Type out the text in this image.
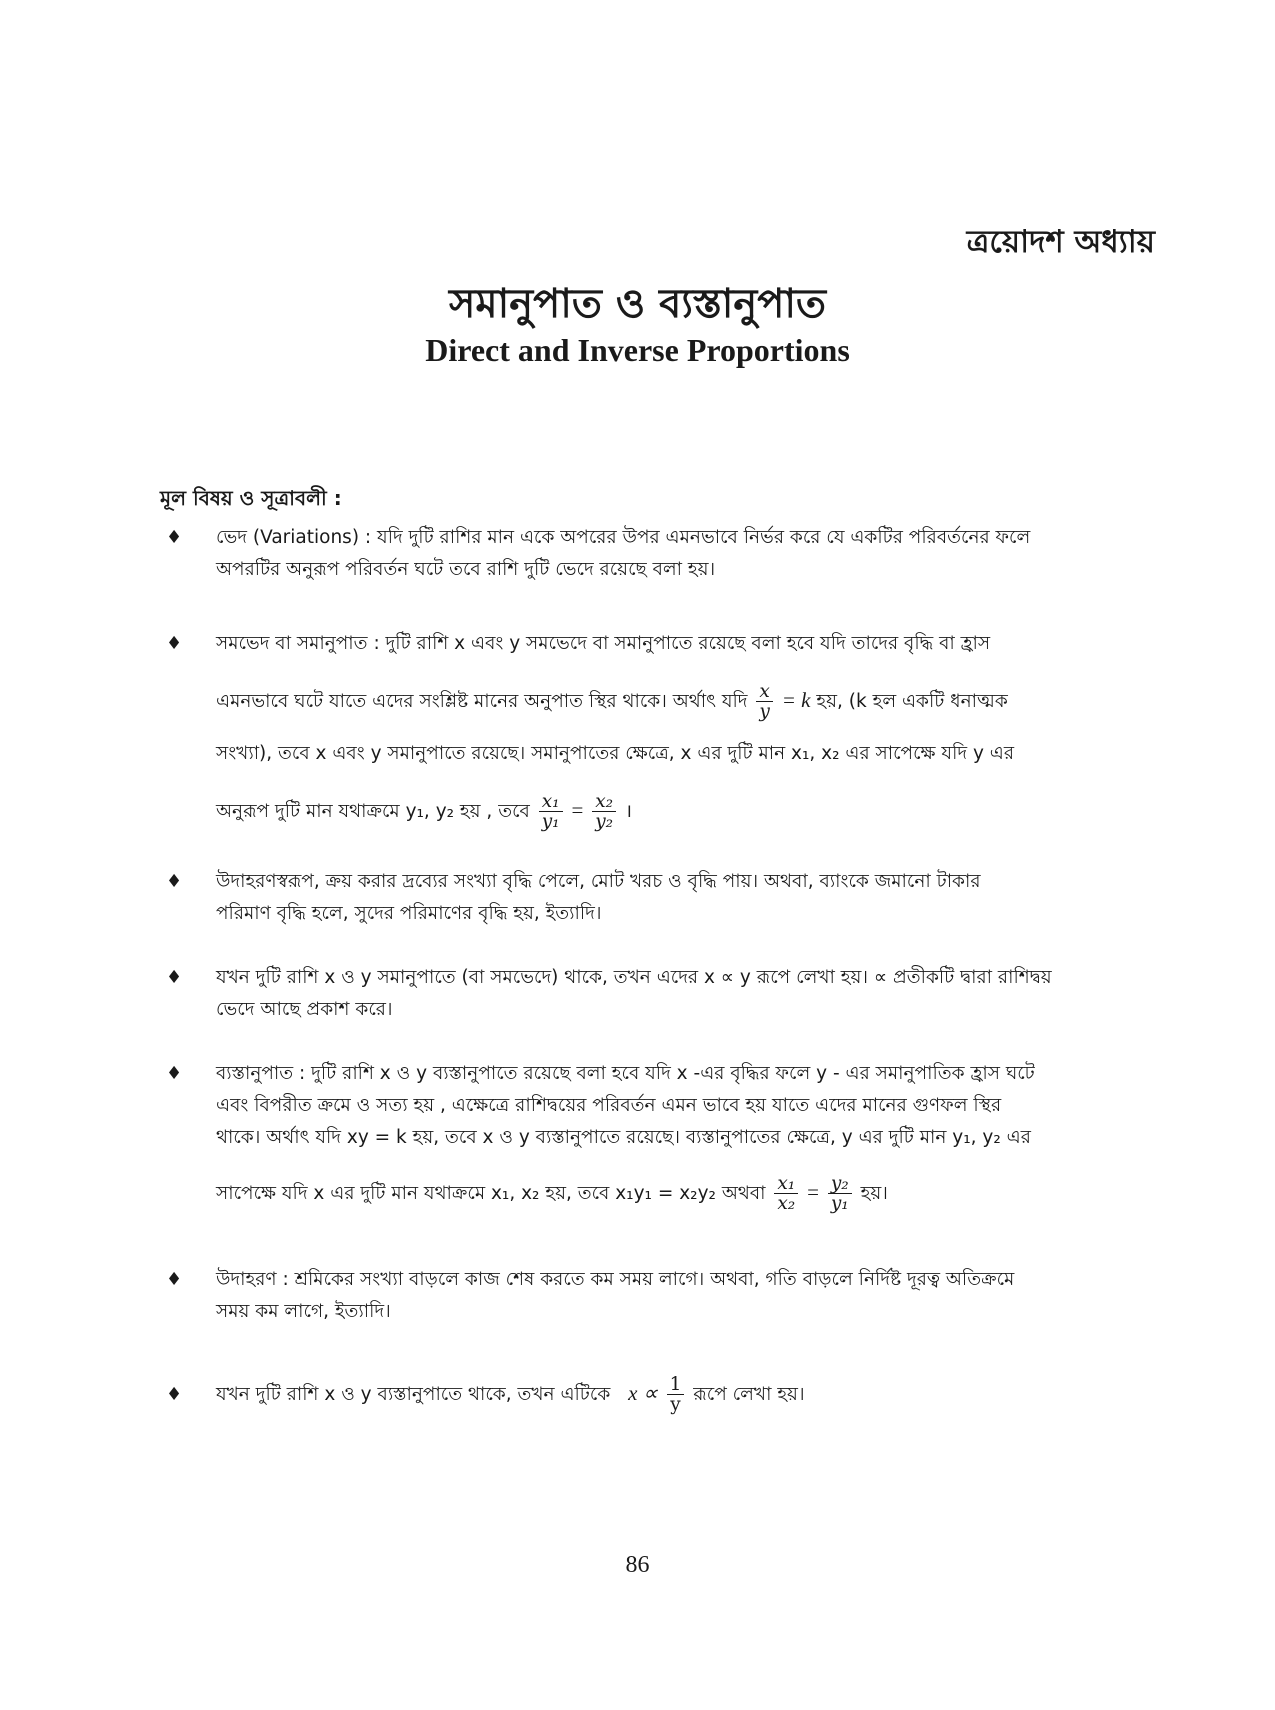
ত্রয়োদশ অধ্যায়
সমানুপাত ও ব্যস্তানুপাত
Direct and Inverse Proportions
মূল বিষয় ও সূত্রাবলী :
♦ ভেদ (Variations) : যদি দুটি রাশির মান একে অপরের উপর এমনভাবে নির্ভর করে যে একটির পরিবর্তনের ফলে
অপরটির অনুরূপ পরিবর্তন ঘটে তবে রাশি দুটি ভেদে রয়েছে বলা হয়।
♦ সমভেদ বা সমানুপাত : দুটি রাশি x এবং y সমভেদে বা সমানুপাতে রয়েছে বলা হবে যদি তাদের বৃদ্ধি বা হ্রাস
এমনভাবে ঘটে যাতে এদের সংশ্লিষ্ট মানের অনুপাত স্থির থাকে। অর্থাৎ যদি $\frac{x}{y} = k$ হয়, (k হল একটি ধনাত্মক
সংখ্যা), তবে x এবং y সমানুপাতে রয়েছে। সমানুপাতের ক্ষেত্রে, x এর দুটি মান x₁, x₂ এর সাপেক্ষে যদি y এর
অনুরূপ দুটি মান যথাক্রমে y₁, y₂ হয় , তবে $\frac{\text{x₁}}{\text{y₁}} = \frac{\text{x₂}}{\text{y₂}}$ ।
♦ উদাহরণস্বরূপ, ক্রয় করার দ্রব্যের সংখ্যা বৃদ্ধি পেলে, মোট খরচ ও বৃদ্ধি পায়। অথবা, ব্যাংকে জমানো টাকার
পরিমাণ বৃদ্ধি হলে, সুদের পরিমাণের বৃদ্ধি হয়, ইত্যাদি।
♦ যখন দুটি রাশি x ও y সমানুপাতে (বা সমভেদে) থাকে, তখন এদের x ∝ y রূপে লেখা হয়। ∝ প্রতীকটি দ্বারা রাশিদ্বয়
ভেদে আছে প্রকাশ করে।
♦ ব্যস্তানুপাত : দুটি রাশি x ও y ব্যস্তানুপাতে রয়েছে বলা হবে যদি x -এর বৃদ্ধির ফলে y - এর সমানুপাতিক হ্রাস ঘটে
এবং বিপরীত ক্রমে ও সত্য হয় , এক্ষেত্রে রাশিদ্বয়ের পরিবর্তন এমন ভাবে হয় যাতে এদের মানের গুণফল স্থির
থাকে। অর্থাৎ যদি xy = k হয়, তবে x ও y ব্যস্তানুপাতে রয়েছে। ব্যস্তানুপাতের ক্ষেত্রে, y এর দুটি মান y₁, y₂ এর
সাপেক্ষে যদি x এর দুটি মান যথাক্রমে x₁, x₂ হয়, তবে x₁y₁ = x₂y₂ অথবা $\frac{\text{x₁}}{\text{x₂}} = \frac{\text{y₂}}{\text{y₁}}$ হয়।
♦ উদাহরণ : শ্রমিকের সংখ্যা বাড়লে কাজ শেষ করতে কম সময় লাগে। অথবা, গতি বাড়লে নির্দিষ্ট দূরত্ব অতিক্রমে
সময় কম লাগে, ইত্যাদি।
♦ যখন দুটি রাশি x ও y ব্যস্তানুপাতে থাকে, তখন এটিকে $x \propto \frac{1}{y}$ রূপে লেখা হয়।
86
